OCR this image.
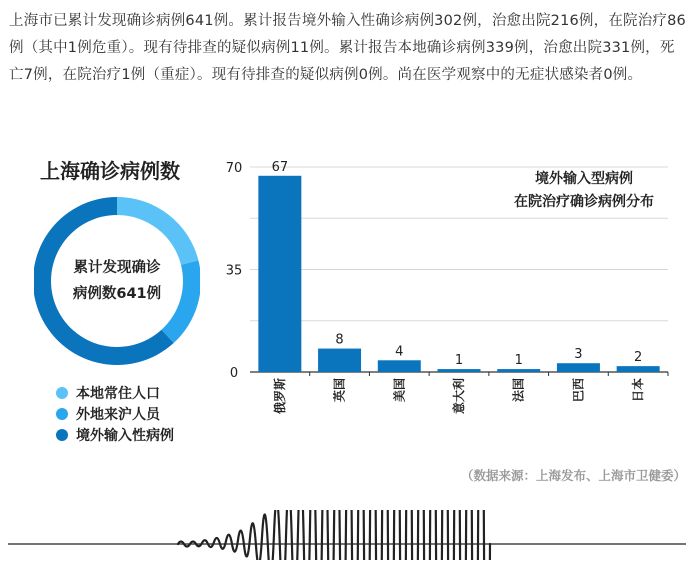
上海市已累计发现确诊病例641例。累计报告境外输入性确诊病例302例，治愈出院216例，在院治疗86例（其中1例危重）。现有待排查的疑似病例11例。累计报告本地确诊病例339例，治愈出院331例，死亡7例，在院治疗1例（重症）。现有待排查的疑似病例0例。尚在医学观察中的无症状感染者0例。
上海确诊病例数
累计发现确诊
病例数641例
本地常住人口
外地来沪人员
境外输入性病例
境外输入型病例
在院治疗确诊病例分布
0
35
70 67
俄罗斯
8
英国
4
美国
1
意大利
1
法国
3
巴西
2
日本
（数据来源：上海发布、上海市卫健委）
